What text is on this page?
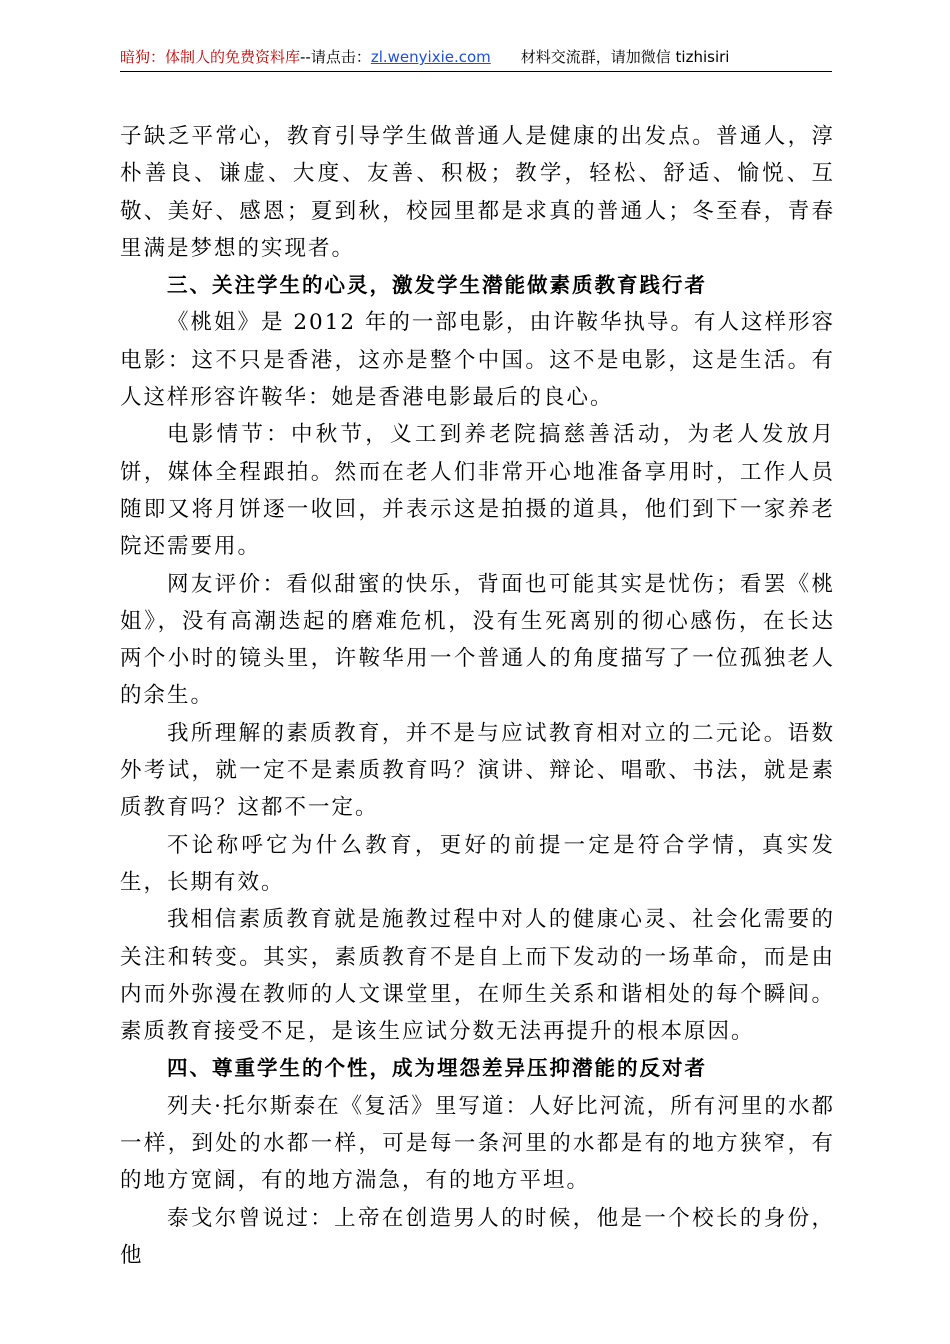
暗狗：体制人的免费资料库--请点击：zl.wenyixie.com 材料交流群，请加微信 tizhisiri

子缺乏平常心，教育引导学生做普通人是健康的出发点。普通人，淳朴善良、谦虚、大度、友善、积极；教学，轻松、舒适、愉悦、互敬、美好、感恩；夏到秋，校园里都是求真的普通人；冬至春，青春里满是梦想的实现者。

三、关注学生的心灵，激发学生潜能做素质教育践行者

《桃姐》是 2012 年的一部电影，由许鞍华执导。有人这样形容电影：这不只是香港，这亦是整个中国。这不是电影，这是生活。有人这样形容许鞍华：她是香港电影最后的良心。

电影情节：中秋节，义工到养老院搞慈善活动，为老人发放月饼，媒体全程跟拍。然而在老人们非常开心地准备享用时，工作人员随即又将月饼逐一收回，并表示这是拍摄的道具，他们到下一家养老院还需要用。

网友评价：看似甜蜜的快乐，背面也可能其实是忧伤；看罢《桃姐》，没有高潮迭起的磨难危机，没有生死离别的彻心感伤，在长达两个小时的镜头里，许鞍华用一个普通人的角度描写了一位孤独老人的余生。

我所理解的素质教育，并不是与应试教育相对立的二元论。语数外考试，就一定不是素质教育吗？演讲、辩论、唱歌、书法，就是素质教育吗？这都不一定。

不论称呼它为什么教育，更好的前提一定是符合学情，真实发生，长期有效。

我相信素质教育就是施教过程中对人的健康心灵、社会化需要的关注和转变。其实，素质教育不是自上而下发动的一场革命，而是由内而外弥漫在教师的人文课堂里，在师生关系和谐相处的每个瞬间。素质教育接受不足，是该生应试分数无法再提升的根本原因。

四、尊重学生的个性，成为埋怨差异压抑潜能的反对者

列夫·托尔斯泰在《复活》里写道：人好比河流，所有河里的水都一样，到处的水都一样，可是每一条河里的水都是有的地方狭窄，有的地方宽阔，有的地方湍急，有的地方平坦。

泰戈尔曾说过：上帝在创造男人的时候，他是一个校长的身份，他
